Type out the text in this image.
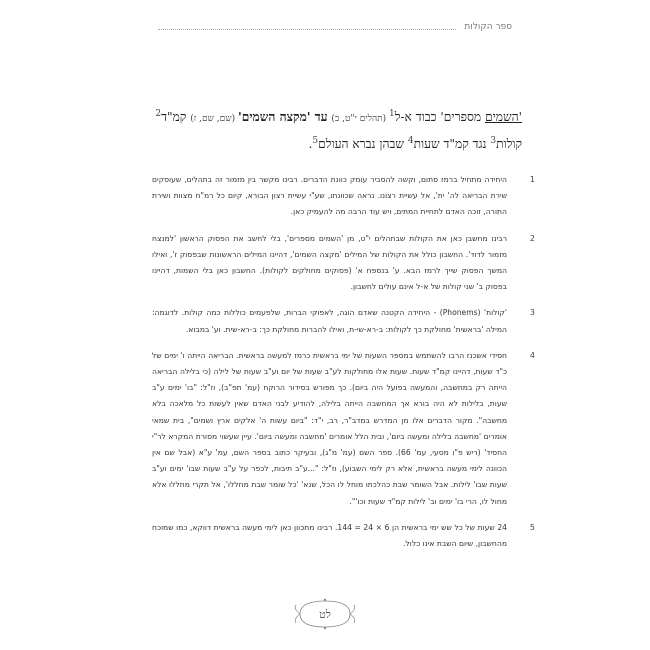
ספר הקולות
'השמים מספרים' כבוד א-ל$^1$ (תהלים י"ט, ב) עד 'מקצה השמים' (שם, שם, ז) קמ"ד$^2$
קולות$^3$ נגד קמ"ד שעות$^4$ שבהן נברא העולם$^5$.
1

היחידה מתחיל ברמז סתום, וקשה להסביר עומק כוונת הדברים. רבינו מקשר בין מזמור זה בתהלים, שעוסקים שירת הבריאה לה' ית', אל עשיית רצונו. נראה שכוונתו, שע"י עשיית רצון הבורא, קיום כל רמ"ח מצוות ושירת התורה, זוכה האדם לתחיית המתים, ויש עוד הרבה מה להעמיק כאן.

2

רבינו מחשבן כאן את הקולות שבתהלים י"ט, מן 'השמים מספרים', בלי לחשב את הפסוק הראשון 'למנצח מזמור לדוד'. החשבון כולל את הקולות של המילים 'מקצה השמים', דהיינו המילים הראשונות שבפסוק ז', ואילו המשך הפסוק שייך לרמז הבא. ע' בנספח א' (פסוקים מחולקים לקולות). החשבון כאן בלי השמות, דהיינו בפסוק ב' שני קולות של א-ל אינם עולים לחשבון.

3

'קולות' (Phonems) - היחידה הקטנה שאדם הוגה, לאפוקי הברות, שלפעמים כוללות כמה קולות. לדוגמה: המילה 'בראשית' מחולקת כך לקולות: ב-רא-שי-ת, ואילו להברות מחולקת כך: ב-רא-שית. וע' במבוא.

4

חסידי אשכנז הרבו להשתמש במספר השעות של ימי בראשית כרמז למעשה בראשית. הבריאה הייתה ו' ימים של כ"ד שעות, דהיינו קמ"ד שעות. שעות אלו מחולקות לע"ב שעות של יום וע"ב שעות של לילה (כי בלילה הבריאה הייתה רק במחשבה, והמעשה בפועל היה ביום). כך מפורש בסידור הרוקח (עמ' תפ"ב), וז"ל: "בו' ימים ע"ב שעות, בלילות לא היה בורא אך המחשבה הייתה בלילה, להודיע לבני האדם שאין לעשות כל מלאכה בלא מחשבה". מקור הדברים אלו מן המדרש במדב"ר, רב, י"ד: "ביום עשות ה' אלקים ארץ ושמים", בית שמאי אומרים 'מחשבה בלילה ומעשה ביום', ובית הלל אומרים 'מחשבה ומעשה ביום'. עיין שעשוי מסורת המקרא לר"י החסיד' (ריש פ"ו מסעי, עמ' 66). ספר השם (עמ' מ"ג), ובעיקר כתוב בספר השם, עמ' ע"א (אבל שם אין הכוונה לימי מעשה בראשית, אלא רק לימי השבוע), וז"ל: "...ע"ב תיבות, לכפר על ע"ב שעות שבו' ימים וע"ב שעות שבו' לילות. אבל השומר שבת כהלכתו מוחל לו הכל, שנא' 'כל שומר שבת מחללו', אל תקרי מחללו אלא מחול לו, הרי בו' ימים וב' לילות קמ"ד שעות וכו'".

5

24 שעות של כל שש ימי בראשית הן 6 × 24 = 144. רבינו מתכוון כאן לימי מעשה בראשית דווקא, כמו שמוכח מהחשבון, שיום השבת אינו כלול.

לט
